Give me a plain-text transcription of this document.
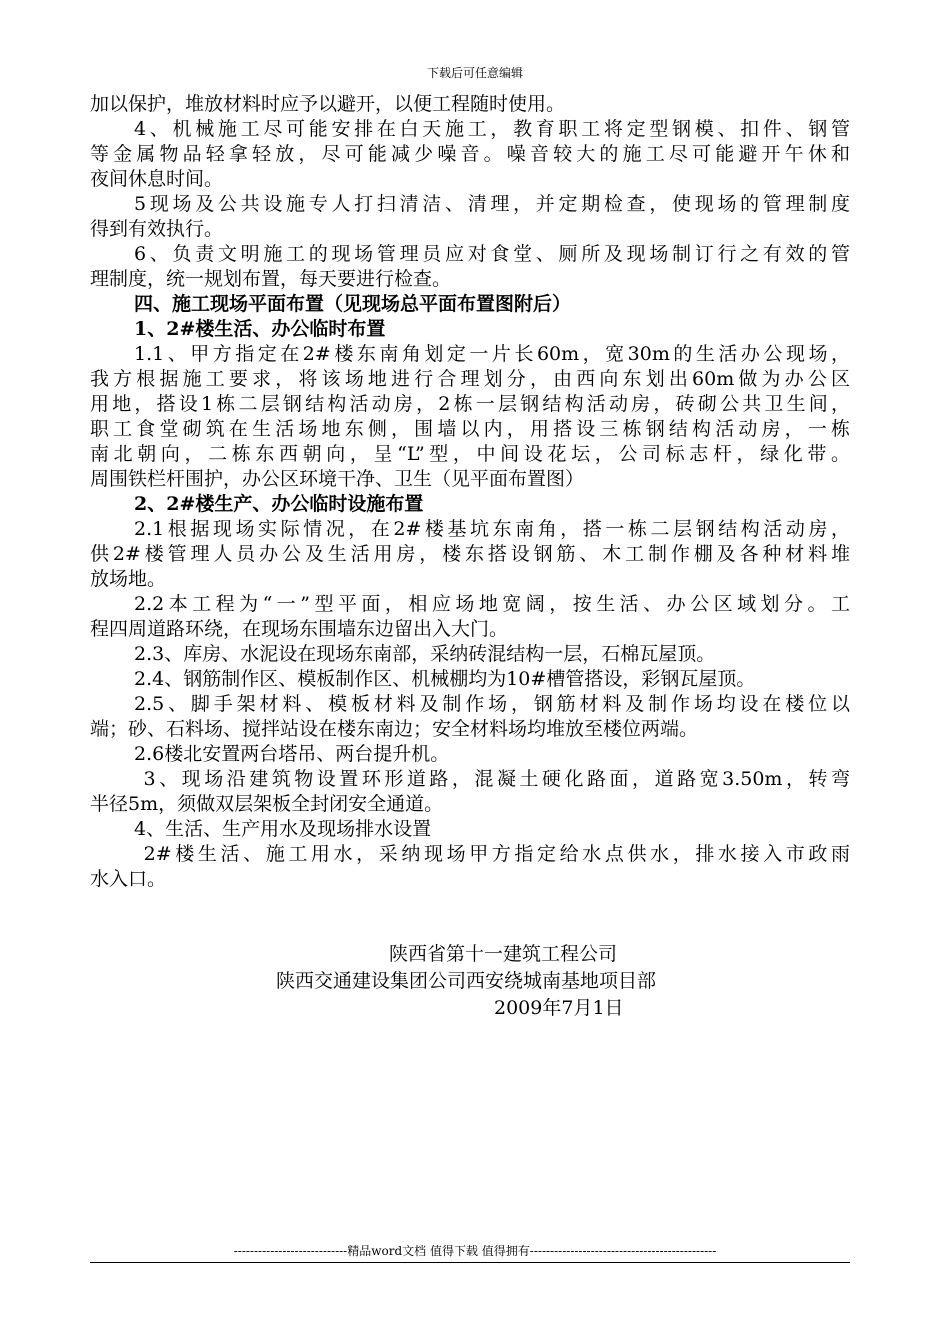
下载后可任意编辑
加以保护，堆放材料时应予以避开，以便工程随时使用。
4、机械施工尽可能安排在白天施工，教育职工将定型钢模、扣件、钢管
等金属物品轻拿轻放，尽可能减少噪音。噪音较大的施工尽可能避开午休和
夜间休息时间。
5现场及公共设施专人打扫清洁、清理，并定期检查，使现场的管理制度
得到有效执行。
6、负责文明施工的现场管理员应对食堂、厕所及现场制订行之有效的管
理制度，统一规划布置，每天要进行检查。
四、施工现场平面布置（见现场总平面布置图附后）
1、2#楼生活、办公临时布置
1.1、甲方指定在2#楼东南角划定一片长60m，宽30m的生活办公现场，
我方根据施工要求，将该场地进行合理划分，由西向东划出60m做为办公区
用地，搭设1栋二层钢结构活动房，2栋一层钢结构活动房，砖砌公共卫生间，
职工食堂砌筑在生活场地东侧，围墙以内，用搭设三栋钢结构活动房，一栋
南北朝向，二栋东西朝向，呈“L”型，中间设花坛，公司标志杆，绿化带。
周围铁栏杆围护，办公区环境干净、卫生（见平面布置图）
2、2#楼生产、办公临时设施布置
2.1根据现场实际情况，在2#楼基坑东南角，搭一栋二层钢结构活动房，
供2#楼管理人员办公及生活用房，楼东搭设钢筋、木工制作棚及各种材料堆
放场地。
2.2本工程为“一”型平面，相应场地宽阔，按生活、办公区域划分。工
程四周道路环绕，在现场东围墙东边留出入大门。
2.3、库房、水泥设在现场东南部，采纳砖混结构一层，石棉瓦屋顶。
2.4、钢筋制作区、模板制作区、机械棚均为10#槽管搭设，彩钢瓦屋顶。
2.5、脚手架材料、模板材料及制作场，钢筋材料及制作场均设在楼位以
端；砂、石料场、搅拌站设在楼东南边；安全材料场均堆放至楼位两端。
2.6楼北安置两台塔吊、两台提升机。
3、现场沿建筑物设置环形道路，混凝土硬化路面，道路宽3.50m，转弯
半径5m，须做双层架板全封闭安全通道。
4、生活、生产用水及现场排水设置
2#楼生活、施工用水，采纳现场甲方指定给水点供水，排水接入市政雨
水入口。
陕西省第十一建筑工程公司
陕西交通建设集团公司西安绕城南基地项目部
2009年7月1日
----------------------------精品word文档 值得下载 值得拥有----------------------------------------------
